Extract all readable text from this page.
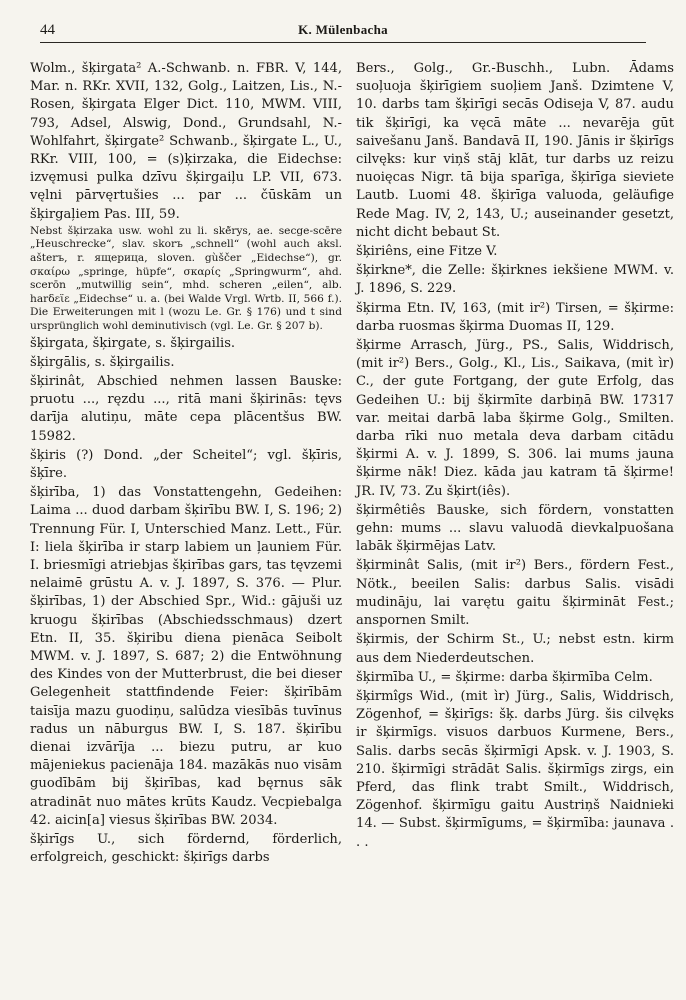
44	K. Mülenbacha
Wolm., šķirgata² A.-Schwanb. n. FBR. V, 144, Mar. n. RKr. XVII, 132, Golg., Laitzen, Lis., N.-Rosen, šķirgata Elger Dict. 110, MWM. VIII, 793, Adsel, Alswig, Dond., Grundsahl, N.-Wohlfahrt, šķirgate² Schwanb., šķirgate L., U., RKr. VIII, 100, = (s)ķirzaka, die Eidechse: izvęmusi pulka dzīvu šķirgaiļu LP. VII, 673. vęlni pārvęrtušies ... par ... čūskām un šķirgaļiem Pas. III, 59.
Nebst šķirzaka usw. wohl zu li. skė̃rys, ae. secge-scēre „Heuschrecke“, slav. skorъ „schnell“ (wohl auch aksl. aštеrъ, r. ящерица, sloven. gùščer „Eidechse“), gr. σκαίρω „springe, hüpfe“, σκαρίς „Springwurm“, ahd. scerōn „mutwillig sein“, mhd. scheren „eilen“, alb. harδεϊε „Eidechse“ u. a. (bei Walde Vrgl. Wrtb. II, 566 f.). Die Erweiterungen mit l (wozu Le. Gr. § 176) und t sind ursprünglich wohl deminutivisch (vgl. Le. Gr. § 207 b).
šķirgata, šķirgate, s. šķirgailis.
šķirgālis, s. šķirgailis.
šķirinât, Abschied nehmen lassen Bauske: pruotu ..., ręzdu ..., ritā mani šķirinās: tęvs darīja alutiņu, māte cepa plācentšus BW. 15982.
šķiris (?) Dond. „der Scheitel“; vgl. šķīris, šķīre.
šķirība, 1) das Vonstattengehn, Gedeihen: Laima ... duod darbam šķirību BW. I, S. 196; 2) Trennung Für. I, Unterschied Manz. Lett., Für. I: liela šķirība ir starp labiem un ļauniem Für. I. briesmīgi atriebjas šķirības gars, tas tęvzemi nelaimē grūstu A. v. J. 1897, S. 376. — Plur. šķirības, 1) der Abschied Spr., Wid.: gājuši uz kruogu šķirības (Abschiedsschmaus) dzert Etn. II, 35. šķiribu diena pienāca Seibolt MWM. v. J. 1897, S. 687; 2) die Entwöhnung des Kindes von der Mutterbrust, die bei dieser Gelegenheit stattfindende Feier: šķirībām taisīja mazu guodiņu, salūdza viesībās tuvīnus radus un nāburgus BW. I, S. 187. šķirību dienai izvārīja ... biezu putru, ar kuo mājeniekus pacienāja 184. mazākās nuo visām guodībām bij šķirības, kad bęrnus sāk atradināt nuo mātes krūts Kaudz. Vecpiebalga 42. aicin[a] viesus šķirības BW. 2034.
šķirīgs U., sich fördernd, förderlich, erfolgreich, geschickt: šķirīgs darbs
Bers., Golg., Gr.-Buschh., Lubn. Ādams suoļuoja šķirīgiem suoļiem Janš. Dzimtene V, 10. darbs tam šķirīgi secās Odiseja V, 87. audu tik šķirīgi, ka vęcā māte ... nevarēja gūt saivešanu Janš. Bandavā II, 190. Jānis ir šķirīgs cilvęks: kur viņš stāj klāt, tur darbs uz reizu nuoięcas Nigr. tā bija sparīga, šķirīga sieviete Lautb. Luomi 48. šķirīga valuoda, geläufige Rede Mag. IV, 2, 143, U.; auseinander gesetzt, nicht dicht bebaut St.
šķiriêns, eine Fitze V.
šķirkne*, die Zelle: šķirknes iekšiene MWM. v. J. 1896, S. 229.
šķirma Etn. IV, 163, (mit ir²) Tirsen, = šķirme: darba ruosmas šķirma Duomas II, 129.
šķirme Arrasch, Jürg., PS., Salis, Widdrisch, (mit ir²) Bers., Golg., Kl., Lis., Saikava, (mit ìr) C., der gute Fortgang, der gute Erfolg, das Gedeihen U.: bij šķirmīte darbiņā BW. 17317 var. meitai darbā laba šķirme Golg., Smilten. darba rīki nuo metala deva darbam citādu šķirmi A. v. J. 1899, S. 306. lai mums jauna šķirme nāk! Diez. kāda jau katram tā šķirme! JR. IV, 73. Zu šķirt(iês).
šķirmêtiês Bauske, sich fördern, vonstatten gehn: mums ... slavu valuodā dievkalpuošana labāk šķirmējas Latv.
šķirminât Salis, (mit ir²) Bers., fördern Fest., Nötk., beeilen Salis: darbus Salis. visādi mudināju, lai varętu gaitu šķirmināt Fest.; anspornen Smilt.
šķirmis, der Schirm St., U.; nebst estn. kirm aus dem Niederdeutschen.
šķirmība U., = šķirme: darba šķirmība Celm.
šķirmîgs Wid., (mit ìr) Jürg., Salis, Widdrisch, Zögenhof, = šķirīgs: šķ. darbs Jürg. šis cilvęks ir šķirmīgs. visuos darbuos Kurmene, Bers., Salis. darbs secās šķirmīgi Apsk. v. J. 1903, S. 210. šķirmīgi strādāt Salis. šķirmīgs zirgs, ein Pferd, das flink trabt Smilt., Widdrisch, Zögenhof. šķirmīgu gaitu Austriņš Naidnieki 14. — Subst. šķirmīgums, = šķirmība: jaunava . . .
